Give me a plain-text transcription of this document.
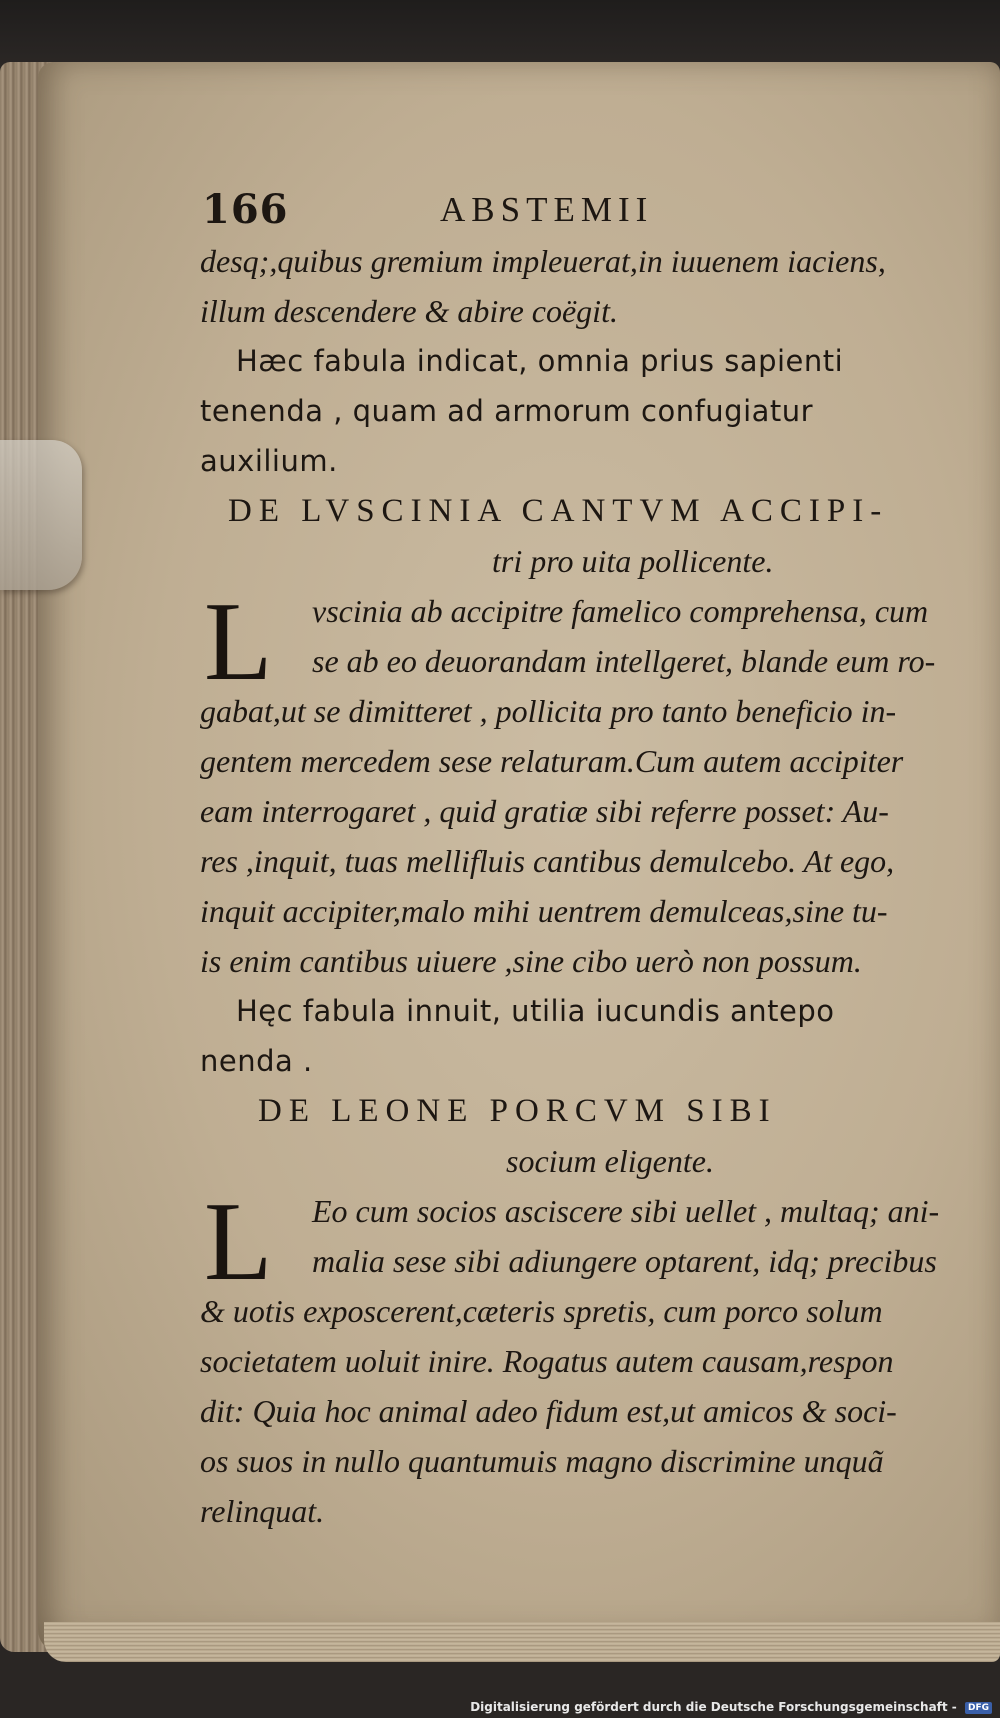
166	ABSTEMII
desq;,quibus gremium impleuerat,in iuuenem iaciens,
illum descendere & abire coëgit.
Hæc fabula indicat, omnia prius sapienti
tenenda , quam ad armorum confugiatur
auxilium.
DE LVSCINIA CANTVM ACCIPI-
tri pro uita pollicente.
L	vscinia ab accipitre famelico comprehensa, cum
se ab eo deuorandam intellgeret, blande eum ro-
gabat,ut se dimitteret , pollicita pro tanto beneficio in-
gentem mercedem sese relaturam.Cum autem accipiter
eam interrogaret , quid gratiæ sibi referre posset: Au-
res ,inquit, tuas mellifluis cantibus demulcebo. At ego,
inquit accipiter,malo mihi uentrem demulceas,sine tu-
is enim cantibus uiuere ,sine cibo uerò non possum.
Hęc fabula innuit, utilia iucundis antepo
nenda .
DE LEONE PORCVM SIBI
socium eligente.
L	Eo cum socios asciscere sibi uellet , multaq; ani-
malia sese sibi adiungere optarent, idq; precibus
& uotis exposcerent,cæteris spretis, cum porco solum
societatem uoluit inire. Rogatus autem causam,respon
dit: Quia hoc animal adeo fidum est,ut amicos & soci-
os suos in nullo quantumuis magno discrimine unquã
relinquat.
Digitalisierung gefördert durch die Deutsche Forschungsgemeinschaft - DFG
